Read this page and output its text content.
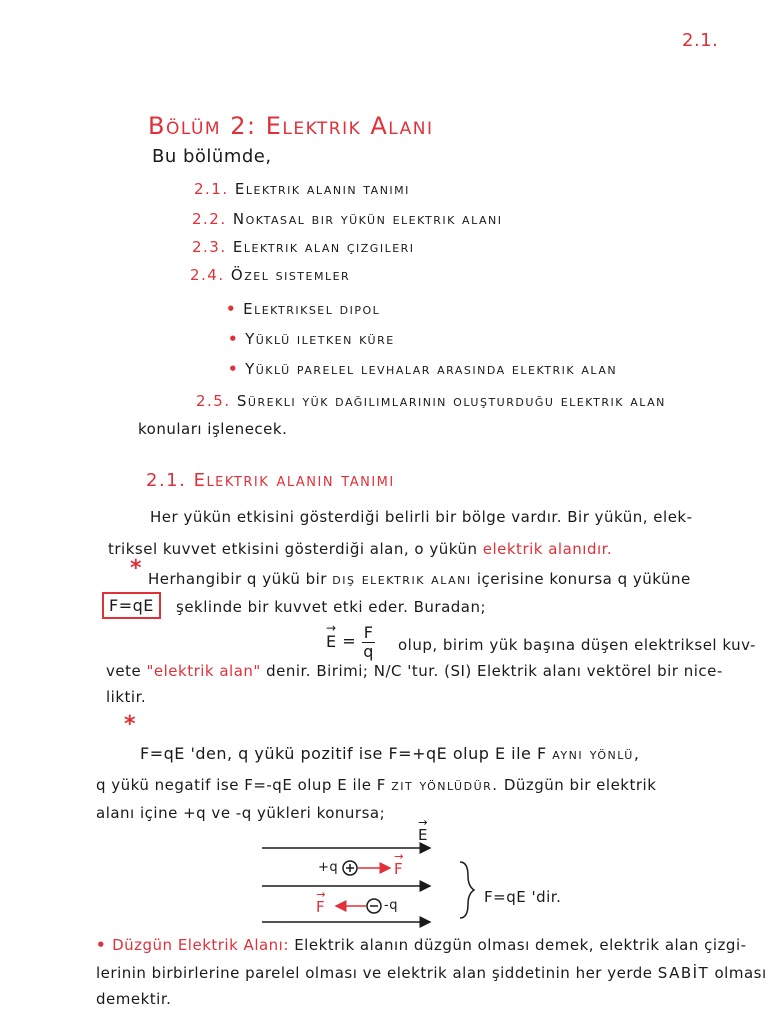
2.1.
Bölüm 2: Elektrik Alanı
Bu bölümde,
2.1. Elektrik alanın tanımı
2.2. Noktasal bir yükün elektrik alanı
2.3. Elektrik alan çizgileri
2.4. Özel sistemler
• Elektriksel dipol
• Yüklü iletken küre
• Yüklü parelel levhalar arasında elektrik alan
2.5. Sürekli yük dağılımlarının oluşturduğu elektrik alan
konuları işlenecek.
2.1. Elektrik alanın tanımı
Her yükün etkisini gösterdiği belirli bir bölge vardır. Bir yükün, elek-
triksel kuvvet etkisini gösterdiği alan, o yükün elektrik alanıdır.
* Herhangibir q yükü bir dış elektrik alanı içerisine konursa q yüküne
F=qE	şeklinde bir kuvvet etki eder. Buradan;
→ $E = \frac{F}{q}$ olup, birim yük başına düşen elektriksel kuv-
vete "elektrik alan" denir. Birimi; N/C 'tur. (SI) Elektrik alanı vektörel bir nice-
liktir.
*
F=qE 'den, q yükü pozitif ise F=+qE olup E ile F aynı yönlü,
q yükü negatif ise F=-qE olup E ile F zıt yönlüdür. Düzgün bir elektrik
alanı içine +q ve -q yükleri konursa;
→ E
+q
→	F
→ F	-q	F=qE 'dir.
• Düzgün Elektrik Alanı: Elektrik alanın düzgün olması demek, elektrik alan çizgi-
lerinin birbirlerine parelel olması ve elektrik alan şiddetinin her yerde SABİT olması
demektir.
